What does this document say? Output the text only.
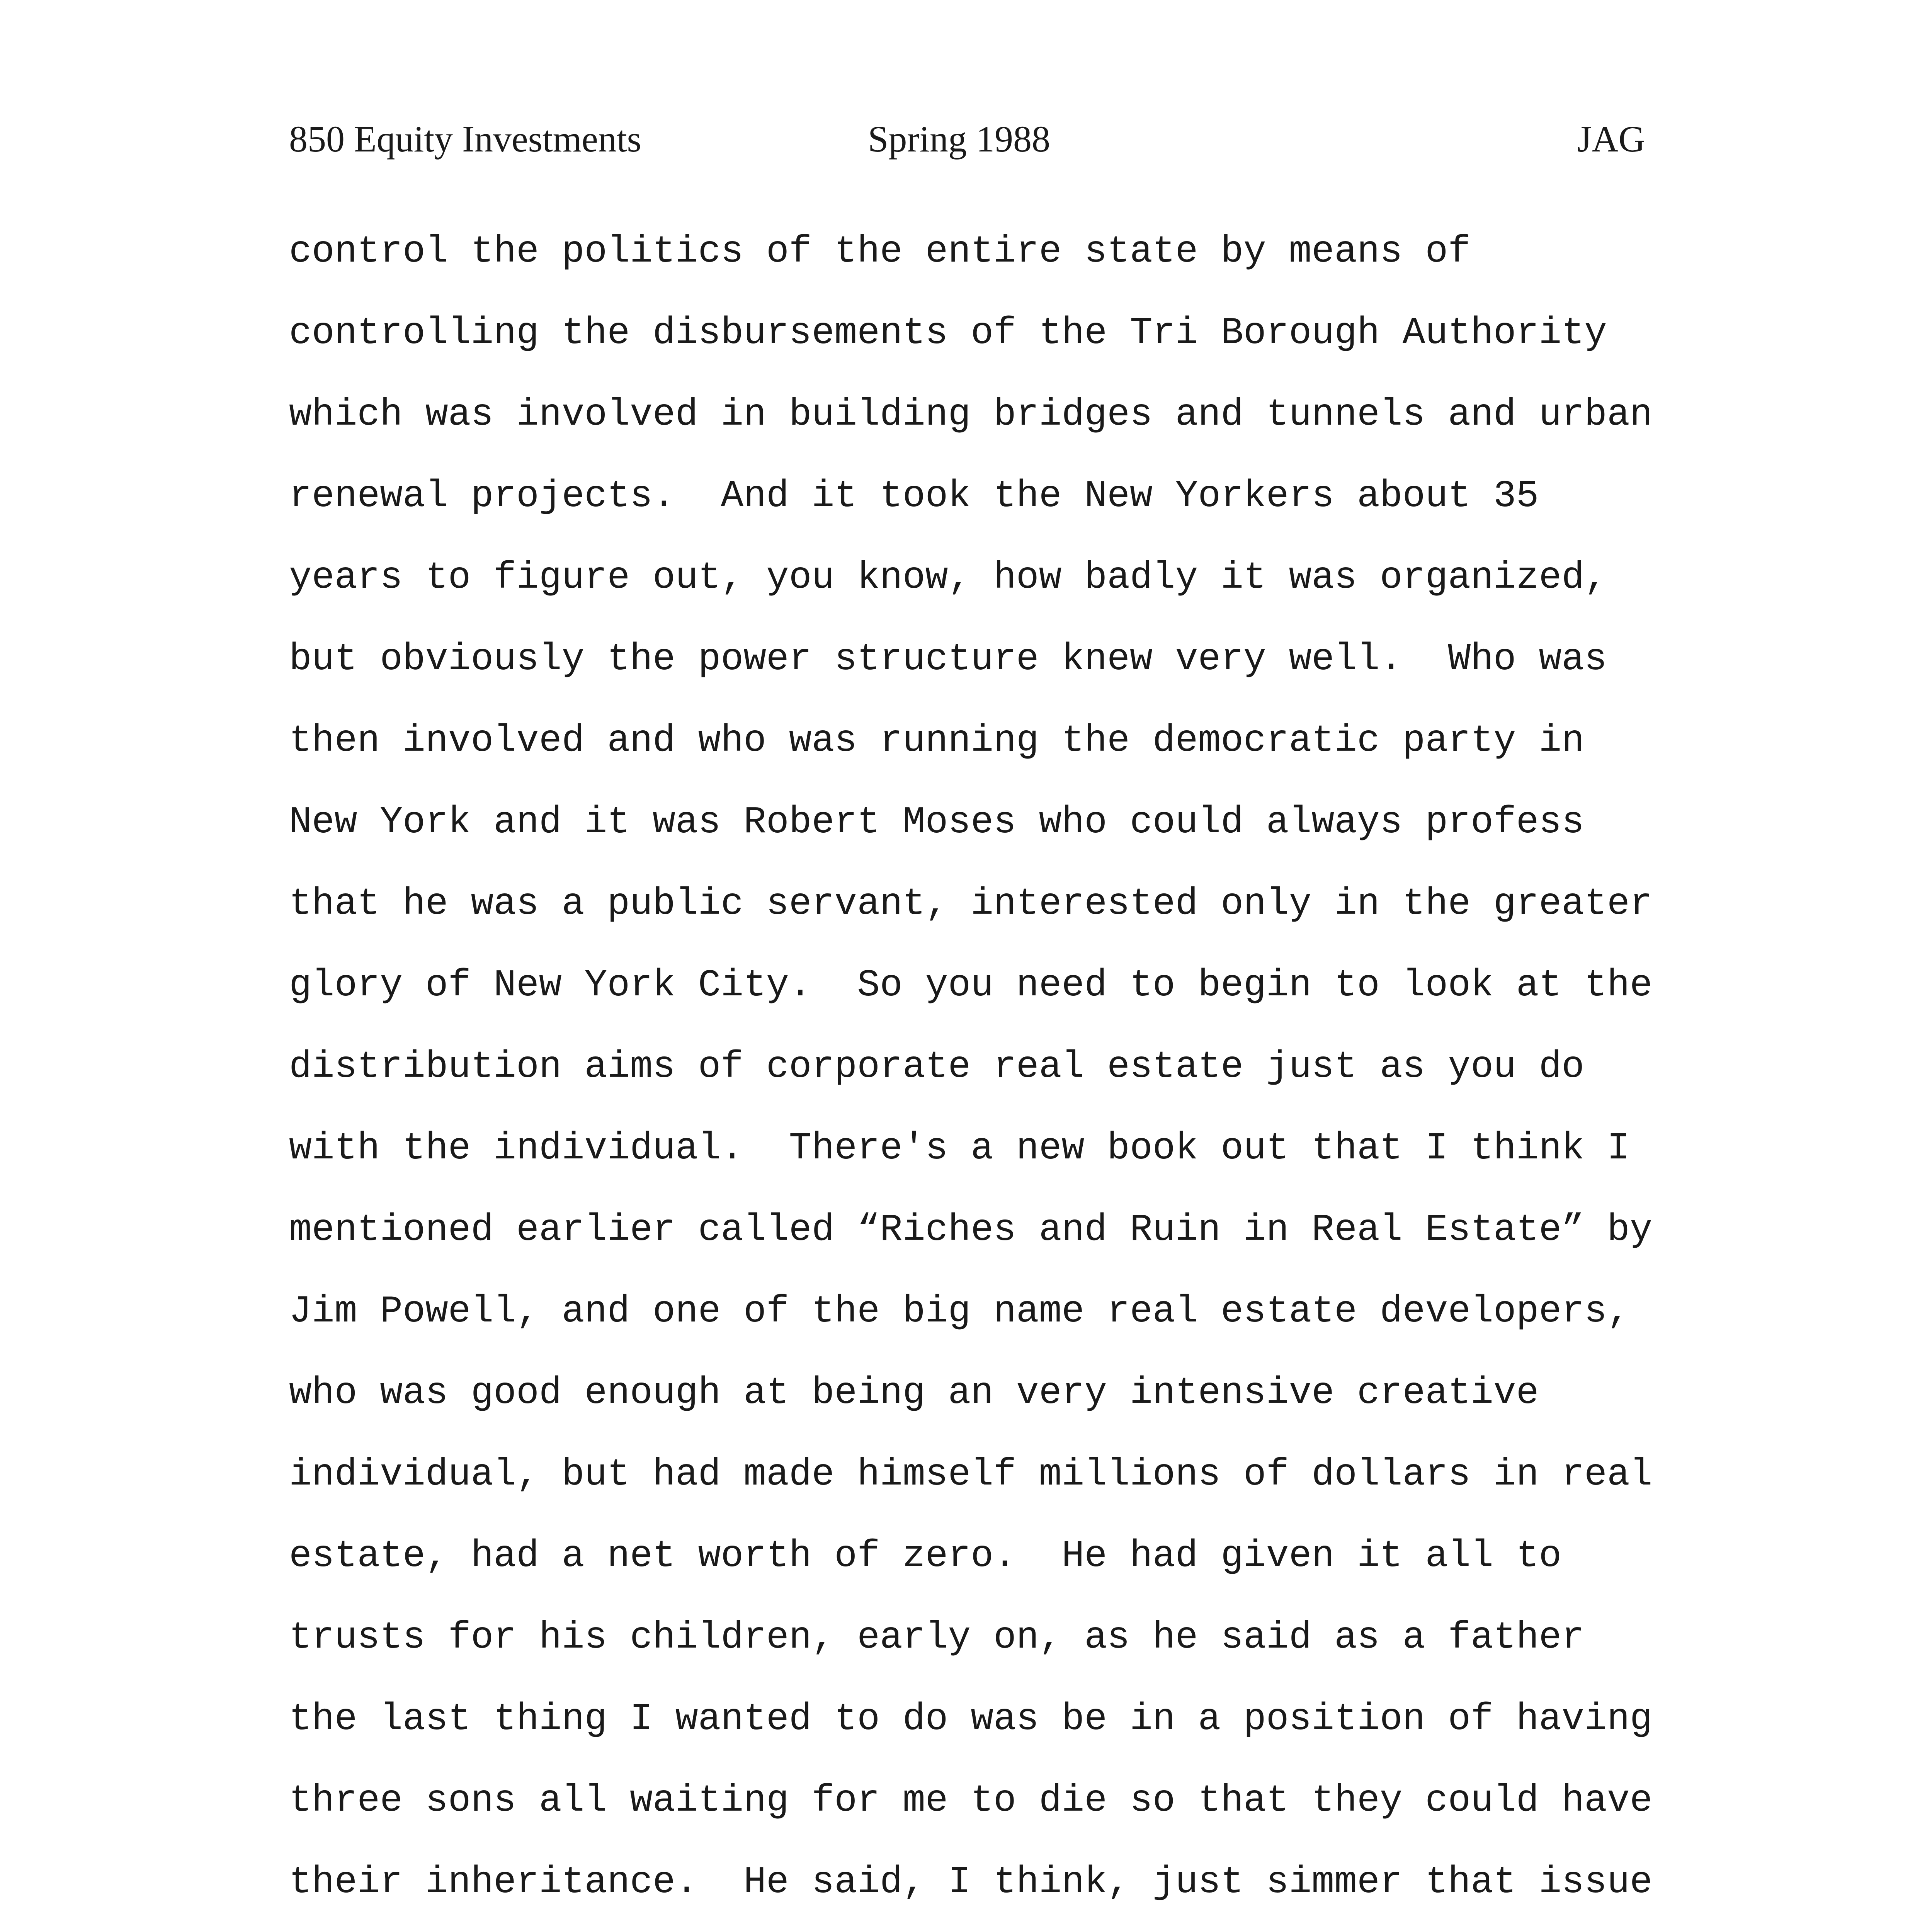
850 Equity Investments	Spring 1988	JAG
control the politics of the entire state by means of
controlling the disbursements of the Tri Borough Authority
which was involved in building bridges and tunnels and urban
renewal projects.  And it took the New Yorkers about 35
years to figure out, you know, how badly it was organized,
but obviously the power structure knew very well.  Who was
then involved and who was running the democratic party in
New York and it was Robert Moses who could always profess
that he was a public servant, interested only in the greater
glory of New York City.  So you need to begin to look at the
distribution aims of corporate real estate just as you do
with the individual.  There's a new book out that I think I
mentioned earlier called “Riches and Ruin in Real Estate” by
Jim Powell, and one of the big name real estate developers,
who was good enough at being an very intensive creative
individual, but had made himself millions of dollars in real
estate, had a net worth of zero.  He had given it all to
trusts for his children, early on, as he said as a father
the last thing I wanted to do was be in a position of having
three sons all waiting for me to die so that they could have
their inheritance.  He said, I think, just simmer that issue
